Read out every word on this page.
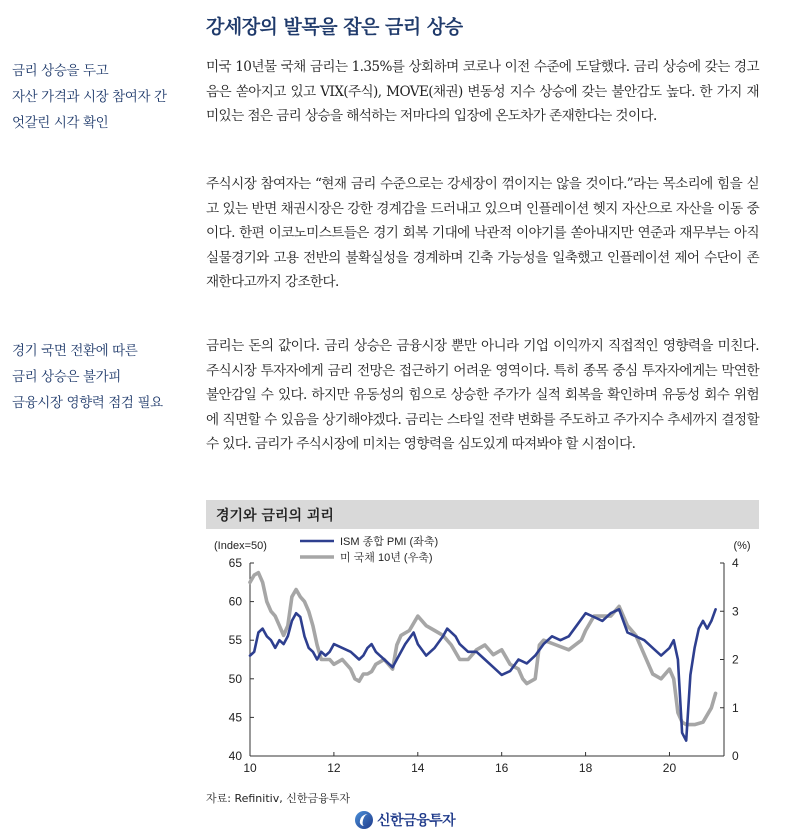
강세장의 발목을 잡은 금리 상승
금리 상승을 두고
자산 가격과 시장 참여자 간
엇갈린 시각 확인
경기 국면 전환에 따른
금리 상승은 불가피
금융시장 영향력 점검 필요

미국 10년물 국채 금리는 1.35%를 상회하며 코로나 이전 수준에 도달했다. 금리 상승에 갖는 경고음은 쏟아지고 있고 VIX(주식), MOVE(채권) 변동성 지수 상승에 갖는 불안감도 높다. 한 가지 재미있는 점은 금리 상승을 해석하는 저마다의 입장에 온도차가 존재한다는 것이다.

주식시장 참여자는 “현재 금리 수준으로는 강세장이 꺾이지는 않을 것이다.”라는 목소리에 힘을 싣고 있는 반면 채권시장은 강한 경계감을 드러내고 있으며 인플레이션 헷지 자산으로 자산을 이동 중이다. 한편 이코노미스트들은 경기 회복 기대에 낙관적 이야기를 쏟아내지만 연준과 재무부는 아직 실물경기와 고용 전반의 불확실성을 경계하며 긴축 가능성을 일축했고 인플레이션 제어 수단이 존재한다고까지 강조한다.

금리는 돈의 값이다. 금리 상승은 금융시장 뿐만 아니라 기업 이익까지 직접적인 영향력을 미친다. 주식시장 투자자에게 금리 전망은 접근하기 어려운 영역이다. 특히 종목 중심 투자자에게는 막연한 불안감일 수 있다. 하지만 유동성의 힘으로 상승한 주가가 실적 회복을 확인하며 유동성 회수 위험에 직면할 수 있음을 상기해야겠다. 금리는 스타일 전략 변화를 주도하고 주가지수 추세까지 결정할 수 있다. 금리가 주식시장에 미치는 영향력을 심도있게 따져봐야 할 시점이다.

경기와 금리의 괴리
40
45
50
55
60
65
0
1
2
3
4
10	12	14	16	18	20
(Index=50)	(%)
ISM 종합 PMI (좌축)
미 국채 10년 (우축)
자료: Refinitiv, 신한금융투자
신한금융투자
